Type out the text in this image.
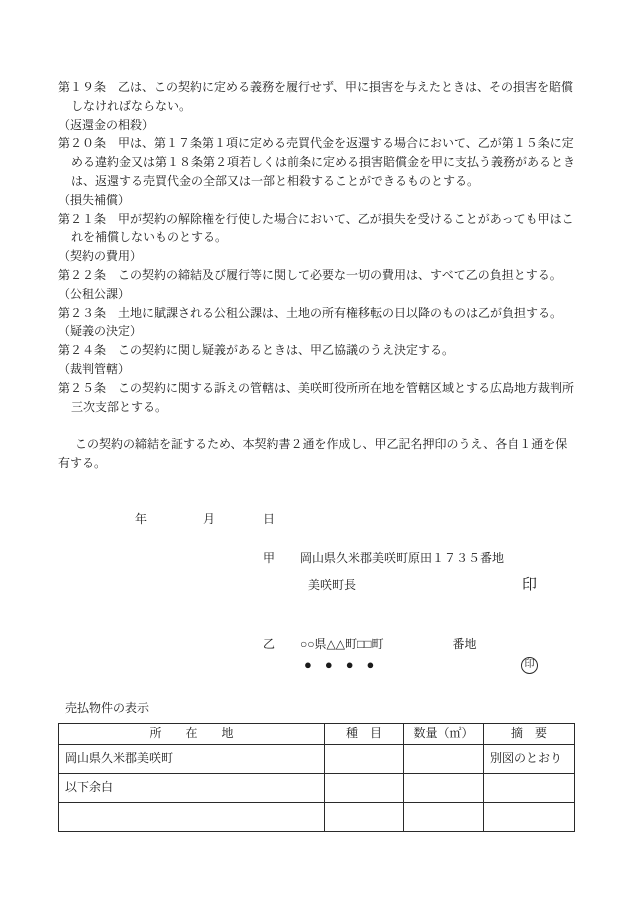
第１９条　乙は、この契約に定める義務を履行せず、甲に損害を与えたときは、その損害を賠償しなければならない。

（返還金の相殺）

第２０条　甲は、第１７条第１項に定める売買代金を返還する場合において、乙が第１５条に定める違約金又は第１８条第２項若しくは前条に定める損害賠償金を甲に支払う義務があるときは、返還する売買代金の全部又は一部と相殺することができるものとする。

（損失補償）

第２１条　甲が契約の解除権を行使した場合において、乙が損失を受けることがあっても甲はこれを補償しないものとする。

（契約の費用）

第２２条　この契約の締結及び履行等に関して必要な一切の費用は、すべて乙の負担とする。

（公租公課）

第２３条　土地に賦課される公租公課は、土地の所有権移転の日以降のものは乙が負担する。

（疑義の決定）

第２４条　この契約に関し疑義があるときは、甲乙協議のうえ決定する。

（裁判管轄）

第２５条　この契約に関する訴えの管轄は、美咲町役所所在地を管轄区域とする広島地方裁判所三次支部とする。

この契約の締結を証するため、本契約書２通を作成し、甲乙記名押印のうえ、各自１通を保有する。

年	月	日
甲 岡山県久米郡美咲町原田１７３５番地
美咲町長	印
乙 ○○県△△町□□町	番地
●　●　●　●	印
売払物件の表示
所　　在　　地	種　目	数量（㎡）	摘　要
岡山県久米郡美咲町			別図のとおり
以下余白			
